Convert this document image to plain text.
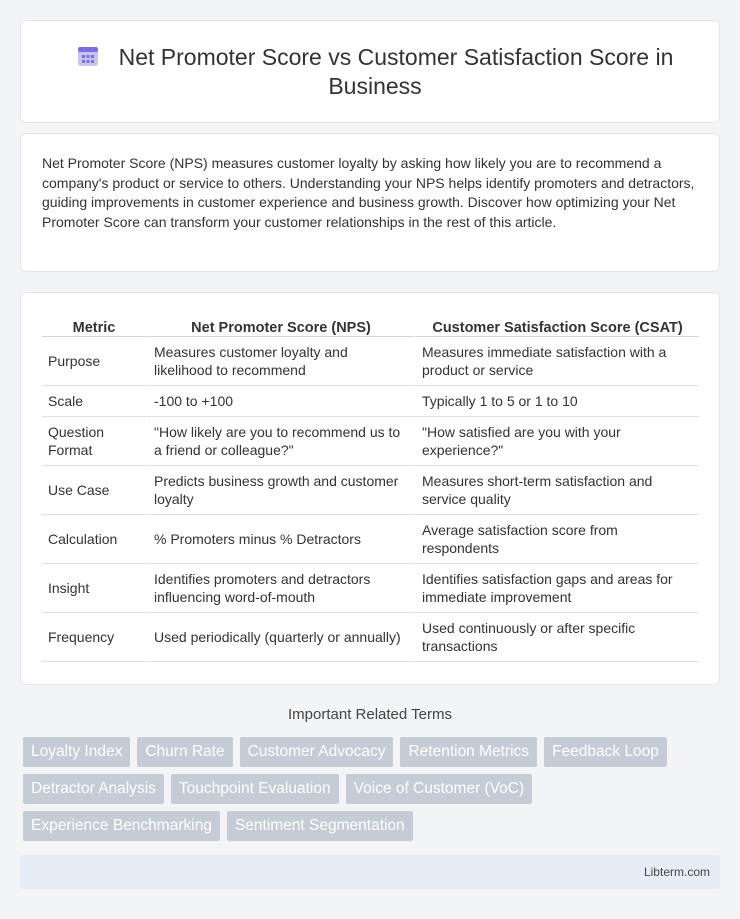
Net Promoter Score vs Customer Satisfaction Score in Business

Net Promoter Score (NPS) measures customer loyalty by asking how likely you are to recommend a company's product or service to others. Understanding your NPS helps identify promoters and detractors, guiding improvements in customer experience and business growth. Discover how optimizing your Net Promoter Score can transform your customer relationships in the rest of this article.

Metric	Net Promoter Score (NPS)	Customer Satisfaction Score (CSAT)
Purpose	Measures customer loyalty and likelihood to recommend	Measures immediate satisfaction with a product or service
Scale	-100 to +100	Typically 1 to 5 or 1 to 10
Question Format	"How likely are you to recommend us to a friend or colleague?"	"How satisfied are you with your experience?"
Use Case	Predicts business growth and customer loyalty	Measures short-term satisfaction and service quality
Calculation	% Promoters minus % Detractors	Average satisfaction score from respondents
Insight	Identifies promoters and detractors influencing word-of-mouth	Identifies satisfaction gaps and areas for immediate improvement
Frequency	Used periodically (quarterly or annually)	Used continuously or after specific transactions
Important Related Terms
Loyalty Index	Churn Rate	Customer Advocacy	Retention Metrics	Feedback Loop
Detractor Analysis	Touchpoint Evaluation	Voice of Customer (VoC)
Experience Benchmarking	Sentiment Segmentation
Libterm.com
